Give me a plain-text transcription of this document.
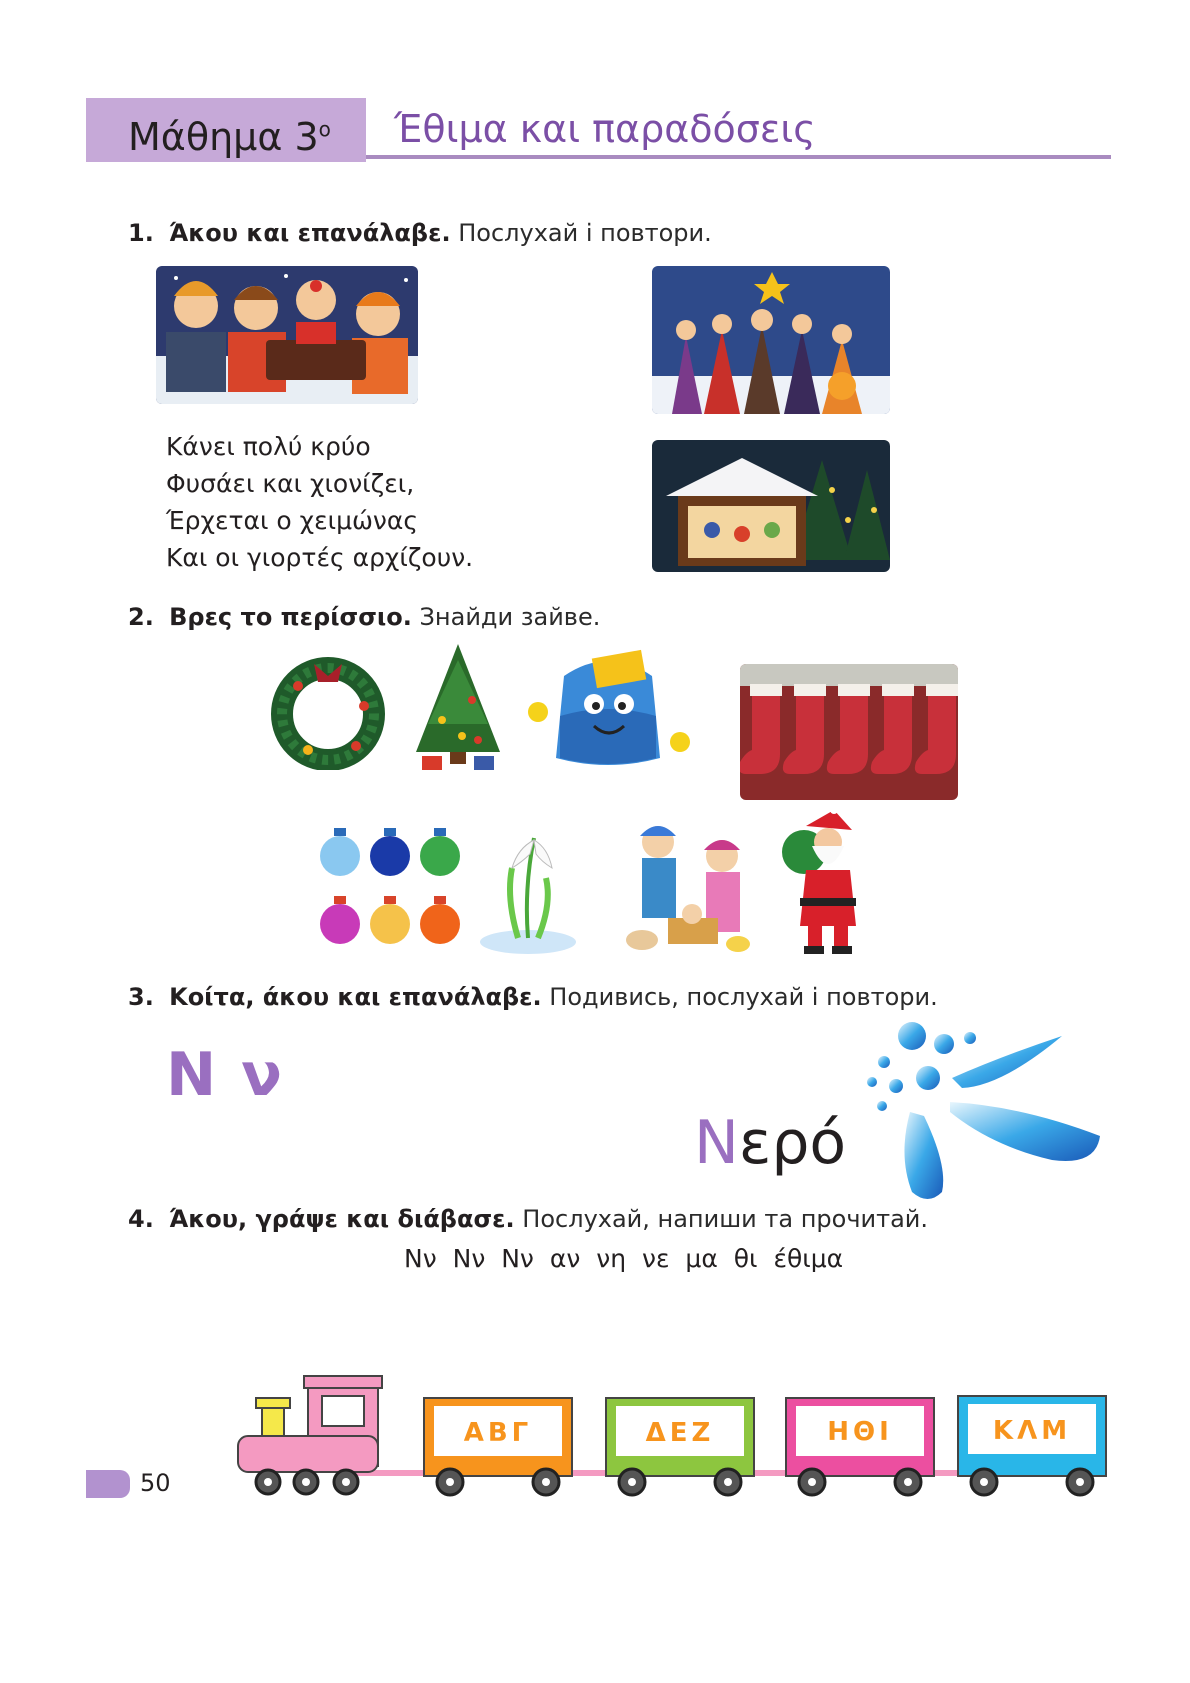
Μάθημα $3^o$ Έθιμα και παραδόσεις
1. Άκου και επανάλαβε. Послухай і повтори.
Κάνει πολύ κρύο
Φυσάει και χιονίζει,
Έρχεται ο χειμώνας
Και οι γιορτές αρχίζουν.
2. Βρες το περίσσιο. Знайди зайве.
3. Κοίτα, άκου και επανάλαβε. Подивись, послухай і повтори.
Ν ν
Νερό
4. Άκου, γράψε και διάβασε. Послухай, напиши та прочитай.
Νν Νν Νν αν νη νε μα θι έθιμα
ΑΒΓ	ΔΕΖ	ΗΘΙ	ΚΛΜ
50
